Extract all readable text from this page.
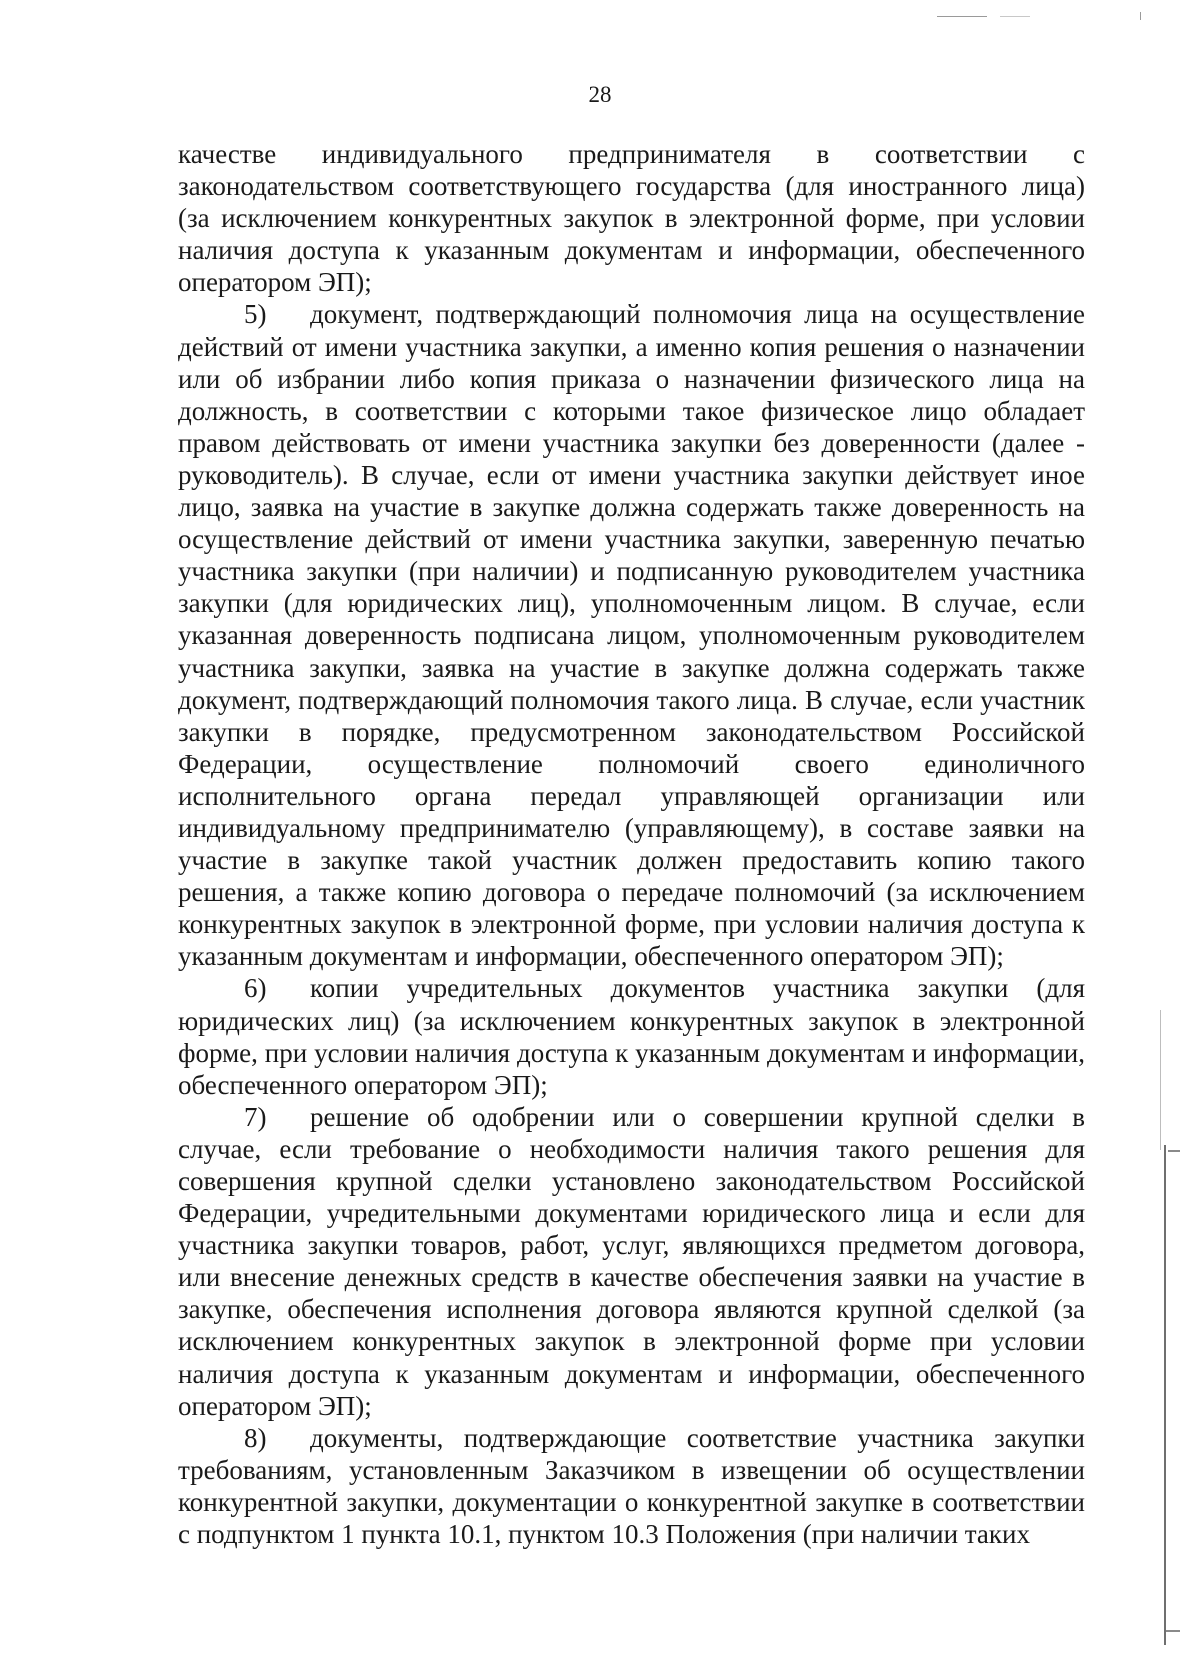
28

качестве индивидуального предпринимателя в соответствии с законодательством соответствующего государства (для иностранного лица) (за исключением конкурентных закупок в электронной форме, при условии наличия доступа к указанным документам и информации, обеспеченного оператором ЭП);

5) документ, подтверждающий полномочия лица на осуществление действий от имени участника закупки, а именно копия решения о назначении или об избрании либо копия приказа о назначении физического лица на должность, в соответствии с которыми такое физическое лицо обладает правом действовать от имени участника закупки без доверенности (далее - руководитель). В случае, если от имени участника закупки действует иное лицо, заявка на участие в закупке должна содержать также доверенность на осуществление действий от имени участника закупки, заверенную печатью участника закупки (при наличии) и подписанную руководителем участника закупки (для юридических лиц), уполномоченным лицом. В случае, если указанная доверенность подписана лицом, уполномоченным руководителем участника закупки, заявка на участие в закупке должна содержать также документ, подтверждающий полномочия такого лица. В случае, если участник закупки в порядке, предусмотренном законодательством Российской Федерации, осуществление полномочий своего единоличного исполнительного органа передал управляющей организации или индивидуальному предпринимателю (управляющему), в составе заявки на участие в закупке такой участник должен предоставить копию такого решения, а также копию договора о передаче полномочий (за исключением конкурентных закупок в электронной форме, при условии наличия доступа к указанным документам и информации, обеспеченного оператором ЭП);

6) копии учредительных документов участника закупки (для юридических лиц) (за исключением конкурентных закупок в электронной форме, при условии наличия доступа к указанным документам и информации, обеспеченного оператором ЭП);

7) решение об одобрении или о совершении крупной сделки в случае, если требование о необходимости наличия такого решения для совершения крупной сделки установлено законодательством Российской Федерации, учредительными документами юридического лица и если для участника закупки товаров, работ, услуг, являющихся предметом договора, или внесение денежных средств в качестве обеспечения заявки на участие в закупке, обеспечения исполнения договора являются крупной сделкой (за исключением конкурентных закупок в электронной форме при условии наличия доступа к указанным документам и информации, обеспеченного оператором ЭП);

8) документы, подтверждающие соответствие участника закупки требованиям, установленным Заказчиком в извещении об осуществлении конкурентной закупки, документации о конкурентной закупке в соответствии с подпунктом 1 пункта 10.1, пунктом 10.3 Положения (при наличии таких
